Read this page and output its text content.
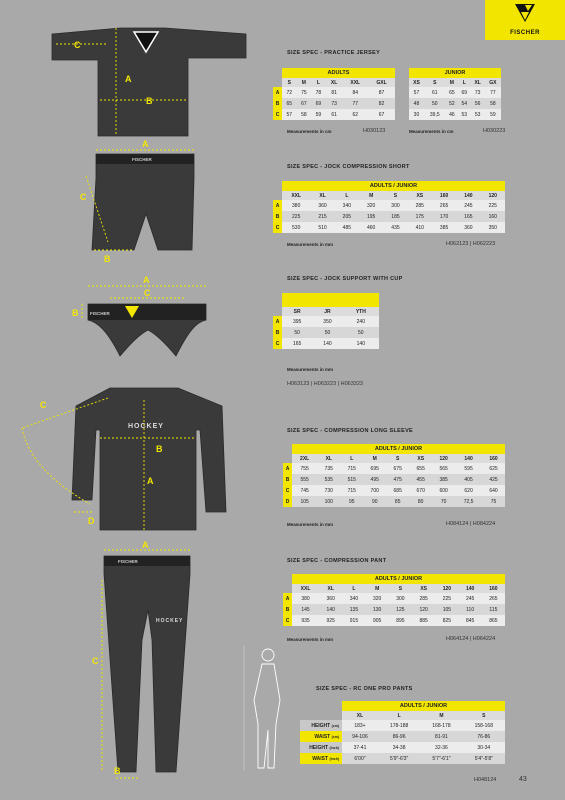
FISCHER
C
A
B
A
C
B
A
C
B
C
B
A
D
A
C
B
FISCHER
FISCHER
FISCHER
HOCKEY
HOCKEY
SIZE SPEC - PRACTICE JERSEY
	ADULTS					
	S	M	L	XL	XXL	GXL
A	72	75	78	81	84	87
B	65	67	69	73	77	82
C	57	58	59	61	62	67
Measurements in cm	H030123
JUNIOR					
XS	S	M	L	XL	GX
57	61	65	69	73	77
48	50	52	54	56	58
30	39,5	46	53	53	59
Measurements in cm	H030223
SIZE SPEC - JOCK COMPRESSION SHORT
	ADULTS / JUNIOR								
	XXL	XL	L	M	S	XS	160	140	120
A	380	360	340	320	300	285	265	245	225
B	225	215	205	195	185	175	170	165	160
C	530	510	485	460	435	410	385	360	350
Measurements in mm	H062123 | H062223
SIZE SPEC - JOCK SUPPORT WITH CUP

	SR	JR	YTH
A	395	350	240
B	50	50	50
C	165	140	140
Measurements in mm
H063123 | H063223 | H063323
SIZE SPEC - COMPRESSION LONG SLEEVE
	ADULTS / JUNIOR								
	2XL	XL	L	M	S	XS	120	140	160
A	755	735	715	695	675	655	565	595	625
B	555	535	515	495	475	455	385	405	425
C	745	730	715	700	685	670	600	620	640
D	105	100	95	90	85	80	70	72,5	75
Measurements in mm	H084124 | H084224
SIZE SPEC - COMPRESSION PANT
	ADULTS / JUNIOR								
	XXL	XL	L	M	S	XS	120	140	160
A	380	360	340	320	300	285	225	245	265
B	145	140	135	130	125	120	105	110	115
C	935	925	915	905	895	885	825	845	865
Measurements in mm	H064124 | H064224
SIZE SPEC - RC ONE PRO PANTS
	ADULTS / JUNIOR			
	XL	L	M	S
HEIGHT (cm)	183+	178-188	168-178	158-168
WAIST (cm)	94-106	86-96	81-91	76-86
HEIGHT (inch)	37-41	34-38	32-36	30-34
WAIST (inch)	6'00"	5'9"-6'3"	5'7"-6'1"	5'4"-5'8"
H048124	43
